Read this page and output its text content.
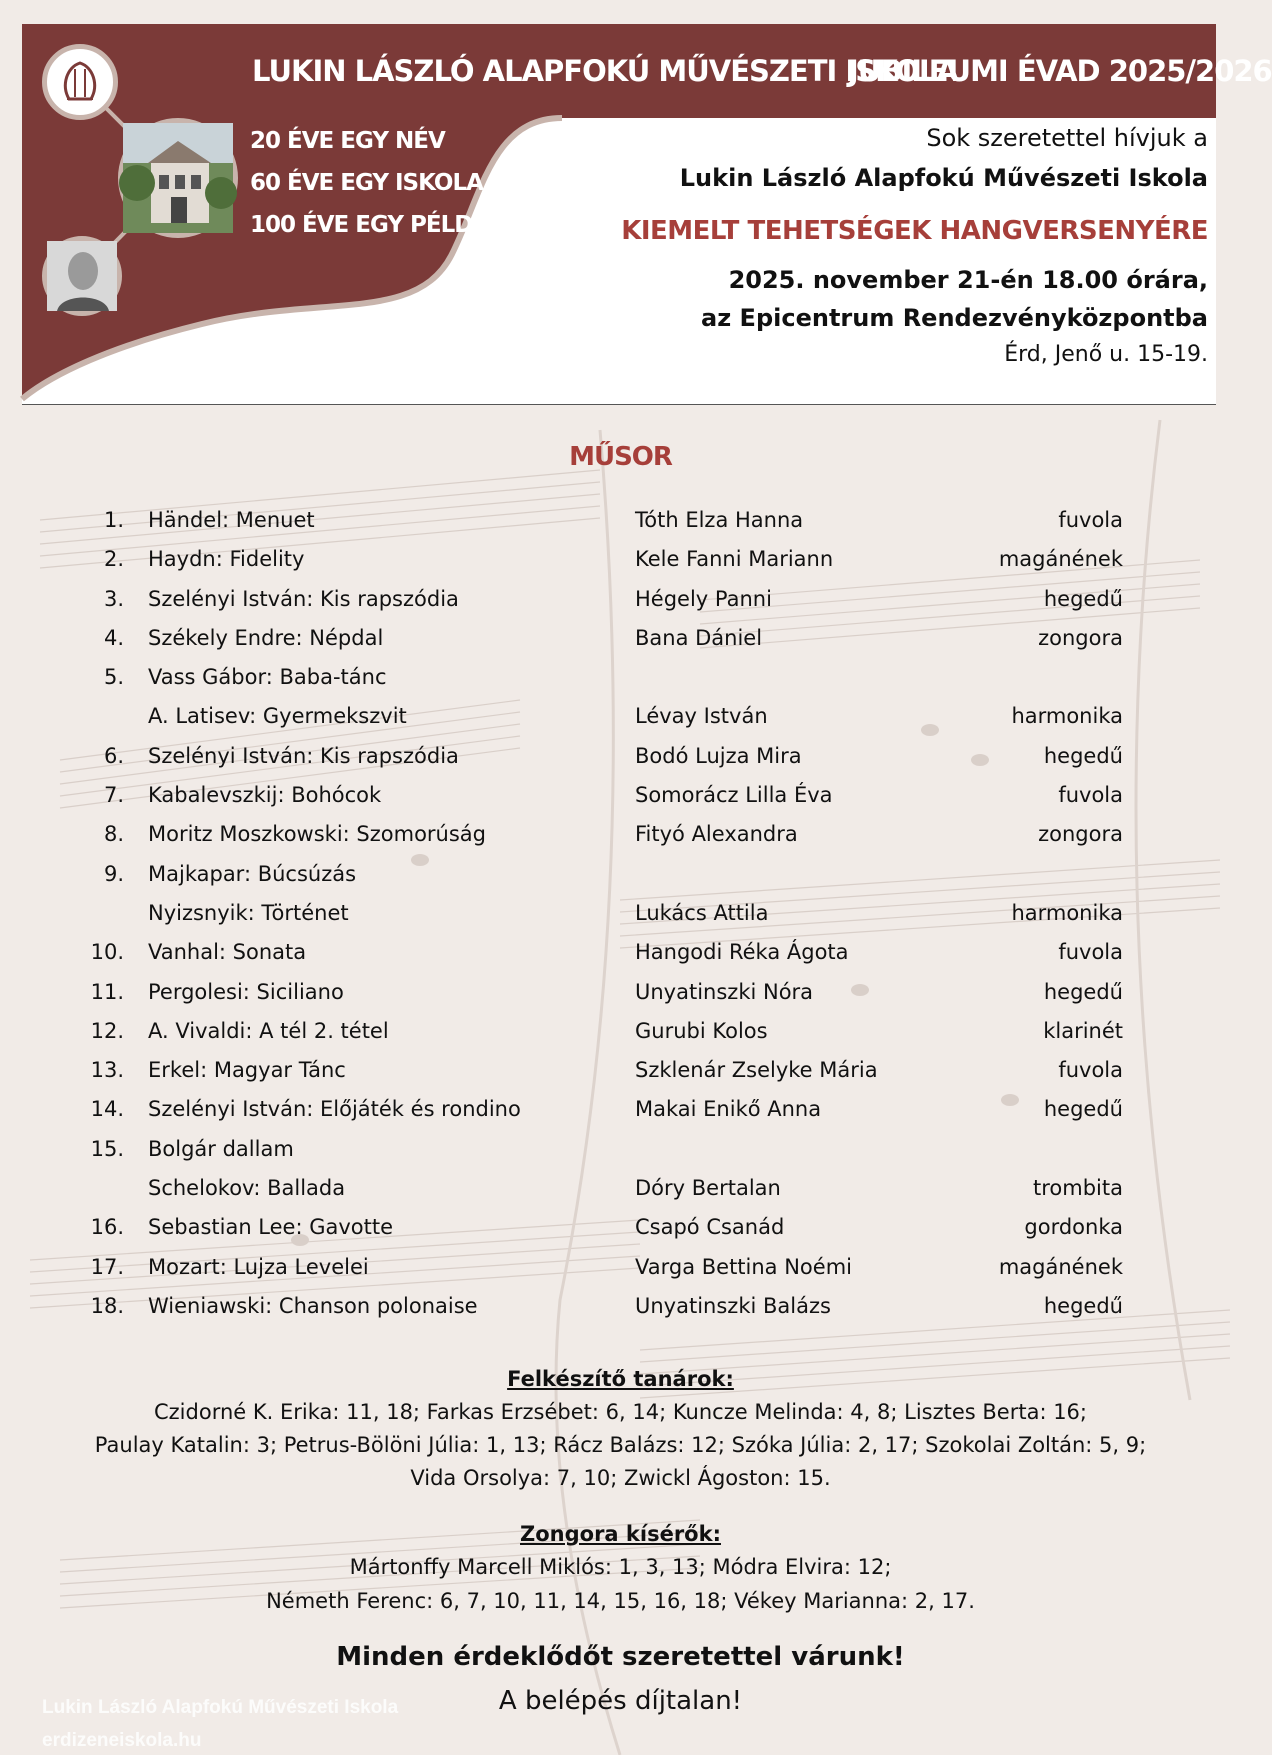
LUKIN LÁSZLÓ ALAPFOKÚ MŰVÉSZETI ISKOLA
JUBILEUMI ÉVAD 2025/2026
20 ÉVE EGY NÉV
60 ÉVE EGY ISKOLA
100 ÉVE EGY PÉLDA
Sok szeretettel hívjuk a
Lukin László Alapfokú Művészeti Iskola
KIEMELT TEHETSÉGEK HANGVERSENYÉRE
2025. november 21-én 18.00 órára,
az Epicentrum Rendezvényközpontba
Érd, Jenő u. 15-19.
MŰSOR
1. Händel: Menuet	Tóth Elza Hanna	fuvola
2. Haydn: Fidelity	Kele Fanni Mariann	magánének
3. Szelényi István: Kis rapszódia	Hégely Panni	hegedű
4. Székely Endre: Népdal	Bana Dániel	zongora
5. Vass Gábor: Baba-tánc
A. Latisev: Gyermekszvit	Lévay István	harmonika
6. Szelényi István: Kis rapszódia	Bodó Lujza Mira	hegedű
7. Kabalevszkij: Bohócok	Somorácz Lilla Éva	fuvola
8. Moritz Moszkowski: Szomorúság	Fityó Alexandra	zongora
9. Majkapar: Búcsúzás
Nyizsnyik: Történet	Lukács Attila	harmonika
10. Vanhal: Sonata	Hangodi Réka Ágota	fuvola
11. Pergolesi: Siciliano	Unyatinszki Nóra	hegedű
12. A. Vivaldi: A tél 2. tétel	Gurubi Kolos	klarinét
13. Erkel: Magyar Tánc	Szklenár Zselyke Mária	fuvola
14. Szelényi István: Előjáték és rondino	Makai Enikő Anna	hegedű
15. Bolgár dallam
Schelokov: Ballada	Dóry Bertalan	trombita
16. Sebastian Lee: Gavotte	Csapó Csanád	gordonka
17. Mozart: Lujza Levelei	Varga Bettina Noémi	magánének
18. Wieniawski: Chanson polonaise	Unyatinszki Balázs	hegedű
Felkészítő tanárok:
Czidorné K. Erika: 11, 18; Farkas Erzsébet: 6, 14; Kuncze Melinda: 4, 8; Lisztes Berta: 16;
Paulay Katalin: 3; Petrus-Bölöni Júlia: 1, 13; Rácz Balázs: 12; Szóka Júlia: 2, 17; Szokolai Zoltán: 5, 9;
Vida Orsolya: 7, 10; Zwickl Ágoston: 15.
Zongora kísérők:
Mártonffy Marcell Miklós: 1, 3, 13; Módra Elvira: 12;
Németh Ferenc: 6, 7, 10, 11, 14, 15, 16, 18; Vékey Marianna: 2, 17.
Minden érdeklődőt szeretettel várunk!
A belépés díjtalan!
Lukin László Alapfokú Művészeti Iskola
erdizeneiskola.hu
